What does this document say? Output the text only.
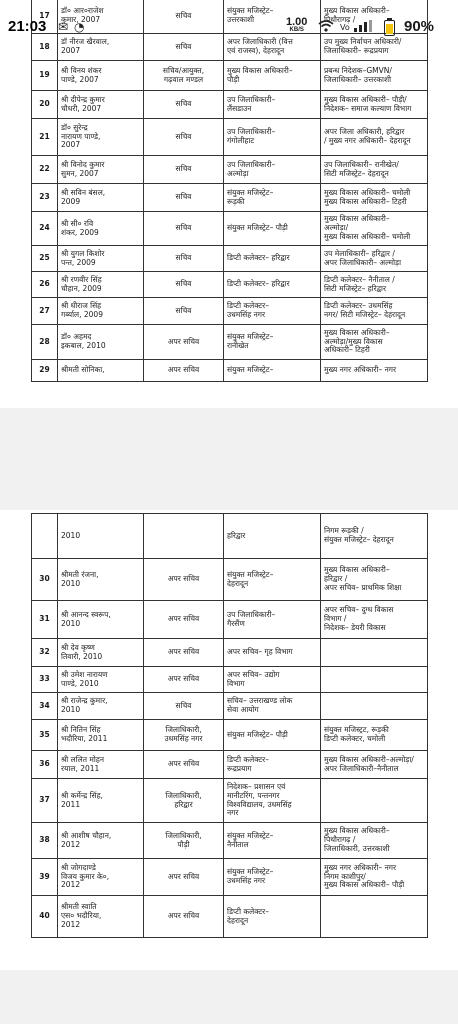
17	डॉ० आर०राजेश
कुमार, 2007	सचिव	संयुक्त मजिस्ट्रेट–
उत्तरकाशी	मुख्य विकास अधिकारी–
पिथौरागढ़ /

18	डॉ नीरज खैरवाल,
2007	सचिव	अपर जिलाधिकारी (वित्त
एवं राजस्व), देहरादून	उप मुख्य निर्वाचन अधिकारी/
जिलाधिकारी– रूद्रप्रयाग

19	श्री विनय शंकर
पाण्डे, 2007	सचिव/आयुक्त,
गढ़वाल मण्डल	मुख्य विकास अधिकारी–
पौड़ी	प्रबन्ध निदेशक–GMVN/
जिलाधिकारी– उत्तरकाशी

20	श्री दीपेन्द्र कुमार
चौधरी, 2007	सचिव	उप जिलाधिकारी–
लैंसडाउन	मुख्य विकास अधिकारी– पौड़ी/
निदेशक– समाज कल्याण विभाग

21	डॉ० सुरेन्द्र
नारायण पाण्डे,
2007	सचिव	उप जिलाधिकारी–
गंगोलीहाट	अपर जिला अधिकारी, हरिद्वार
/ मुख्य नगर अधिकारी– देहरादून

22	श्री विनोद कुमार
सुमन, 2007	सचिव	उप जिलाधिकारी–
अल्मोड़ा	उप जिलाधिकारी– रानीखेत/
सिटी मजिस्ट्रेट– देहरादून

23	श्री सविन बंसल,
2009	सचिव	संयुक्त मजिस्ट्रेट–
रूड़की	मुख्य विकास अधिकारी– चमोली
मुख्य विकास अधिकारी– टिहरी

24	श्री सी० रवि
शंकर, 2009	सचिव	संयुक्त मजिस्ट्रेट– पौड़ी	मुख्य विकास अधिकारी–
अल्मोड़ा/
मुख्य विकास अधिकारी– चमोली

25	श्री युगल किशोर
पन्त, 2009	सचिव	डिप्टी कलेक्टर– हरिद्वार	उप मेलाधिकारी– हरिद्वार /
अपर जिलाधिकारी– अल्मोड़ा

26	श्री रणवीर सिंह
चौहान, 2009	सचिव	डिप्टी कलेक्टर– हरिद्वार	डिप्टी कलेक्टर– नैनीताल /
सिटी मजिस्ट्रेट– हरिद्वार

27	श्री धीराज सिंह
गर्ब्याल, 2009	सचिव	डिप्टी कलेक्टर–
उधमसिंह नगर	डिप्टी कलेक्टर– उधमसिंह
नगर/ सिटी मजिस्ट्रेट– देहरादून

28	डॉ० अहमद
इकबाल, 2010	अपर सचिव	संयुक्त मजिस्ट्रेट–
रानीखेत	मुख्य विकास अधिकारी–
अल्मोड़ा/मुख्य विकास
अधिकारी– टिहरी

29	श्रीमती सोनिका,	अपर सचिव	संयुक्त मजिस्ट्रेट–	मुख्य नगर अधिकारी– नगर

	2010		हरिद्वार	निगम रूड़की /
संयुक्त मजिस्ट्रेट– देहरादून

30	श्रीमती रंजना,
2010	अपर सचिव	संयुक्त मजिस्ट्रेट–
देहरादून	मुख्य विकास अधिकारी–
हरिद्वार /
अपर सचिव– प्राथमिक शिक्षा

31	श्री आनन्द स्वरूप,
2010	अपर सचिव	उप जिलाधिकारी–
गैरसैंण	अपर सचिव– दुग्ध विकास
विभाग /
निदेशक– डेयरी विकास

32	श्री देव कृष्ण
तिवारी, 2010	अपर सचिव	अपर सचिव– गृह विभाग	

33	श्री उमेश नारायण
पाण्डे, 2010	अपर सचिव	अपर सचिव– उद्योग
विभाग	

34	श्री राजेन्द्र कुमार,
2010	सचिव	सचिव– उत्तराखण्ड लोक
सेवा आयोग	

35	श्री नितिन सिंह
भदौरिया, 2011	जिलाधिकारी,
उधमसिंह नगर	संयुक्त मजिस्ट्रेट– पौड़ी	संयुक्त मजिस्ट्रट, रूड़की
डिप्टी कलेक्टर, चमोली

36	श्री ललित मोहन
रयाल, 2011	अपर सचिव	डिप्टी कलेक्टर–
रूद्रप्रयाग	मुख्य विकास अधिकारी–अल्मोड़ा/
अपर जिलाधिकारी–नैनीताल

37	श्री कर्मेन्द्र सिंह,
2011	जिलाधिकारी,
हरिद्वार	निदेशक– प्रशासन एवं
मानीटरिंग, पन्तनगर
विश्वविद्यालय, उधमसिंह
नगर	

38	श्री आशीष चौहान,
2012	जिलाधिकारी,
पौड़ी	संयुक्त मजिस्ट्रेट–
नैनीताल	मुख्य विकास अधिकारी–
पिथौरागढ़ /
जिलाधिकारी, उत्तरकाशी

39	श्री जोगदाण्डे
विजय कुमार के०,
2012	अपर सचिव	संयुक्त मजिस्ट्रेट–
उधमसिंह नगर	मुख्य नगर अधिकारी– नगर
निगम काशीपुर/
मुख्य विकास अधिकारी– पौड़ी

40	श्रीमती स्वाति
एस० भदौरिया,
2012	अपर सचिव	डिप्टी कलेक्टर–
देहरादून	

21:03 ✉ ◔	1.00
KB/S	Vo	90%
